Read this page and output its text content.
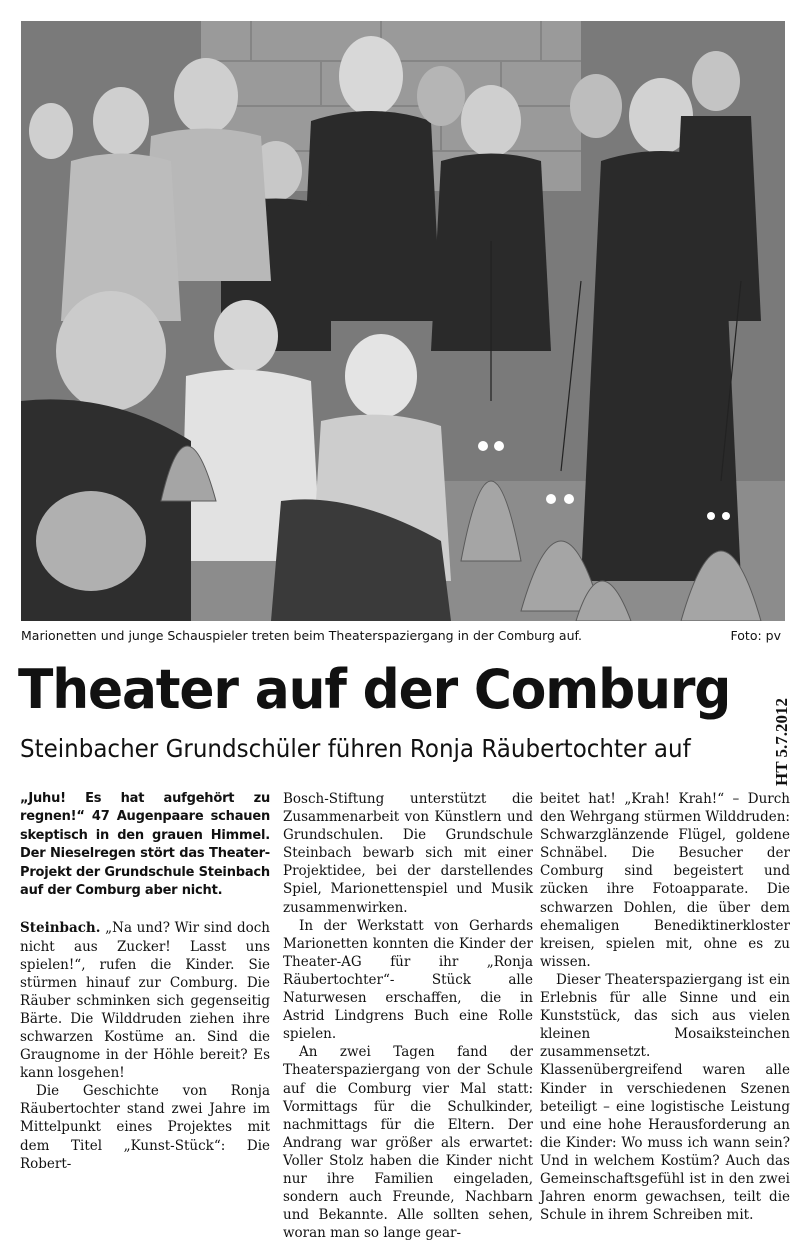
Marionetten und junge Schauspieler treten beim Theaterspaziergang in der Comburg auf.	Foto: pv
Theater auf der Comburg
Steinbacher Grundschüler führen Ronja Räubertochter auf	HT 5.7.2012

„Juhu! Es hat aufgehört zu regnen!“ 47 Augenpaare schauen skeptisch in den grauen Himmel. Der Nieselregen stört das Theater-Projekt der Grundschule Steinbach auf der Comburg aber nicht.

Steinbach. „Na und? Wir sind doch nicht aus Zucker! Lasst uns spielen!“, rufen die Kinder. Sie stürmen hinauf zur Comburg. Die Räuber schminken sich gegenseitig Bärte. Die Wilddruden ziehen ihre schwarzen Kostüme an. Sind die Graugnome in der Höhle bereit? Es kann losgehen!

Die Geschichte von Ronja Räubertochter stand zwei Jahre im Mittelpunkt eines Projektes mit dem Titel „Kunst-Stück“: Die Robert-

Bosch-Stiftung unterstützt die Zusammenarbeit von Künstlern und Grundschulen. Die Grundschule Steinbach bewarb sich mit einer Projektidee, bei der darstellendes Spiel, Marionettenspiel und Musik zusammenwirken.

In der Werkstatt von Gerhards Marionetten konnten die Kinder der Theater-AG für ihr „Ronja Räubertochter“- Stück alle Naturwesen erschaffen, die in Astrid Lindgrens Buch eine Rolle spielen.

An zwei Tagen fand der Theaterspaziergang von der Schule auf die Comburg vier Mal statt: Vormittags für die Schulkinder, nachmittags für die Eltern. Der Andrang war größer als erwartet: Voller Stolz haben die Kinder nicht nur ihre Familien eingeladen, sondern auch Freunde, Nachbarn und Bekannte. Alle sollten sehen, woran man so lange gear-

beitet hat! „Krah! Krah!“ – Durch den Wehrgang stürmen Wilddruden: Schwarzglänzende Flügel, goldene Schnäbel. Die Besucher der Comburg sind begeistert und zücken ihre Fotoapparate. Die schwarzen Dohlen, die über dem ehemaligen Benediktinerkloster kreisen, spielen mit, ohne es zu wissen.

Dieser Theaterspaziergang ist ein Erlebnis für alle Sinne und ein Kunststück, das sich aus vielen kleinen Mosaiksteinchen zusammensetzt. Klassenübergreifend waren alle Kinder in verschiedenen Szenen beteiligt – eine logistische Leistung und eine hohe Herausforderung an die Kinder: Wo muss ich wann sein? Und in welchem Kostüm? Auch das Gemeinschaftsgefühl ist in den zwei Jahren enorm gewachsen, teilt die Schule in ihrem Schreiben mit.
